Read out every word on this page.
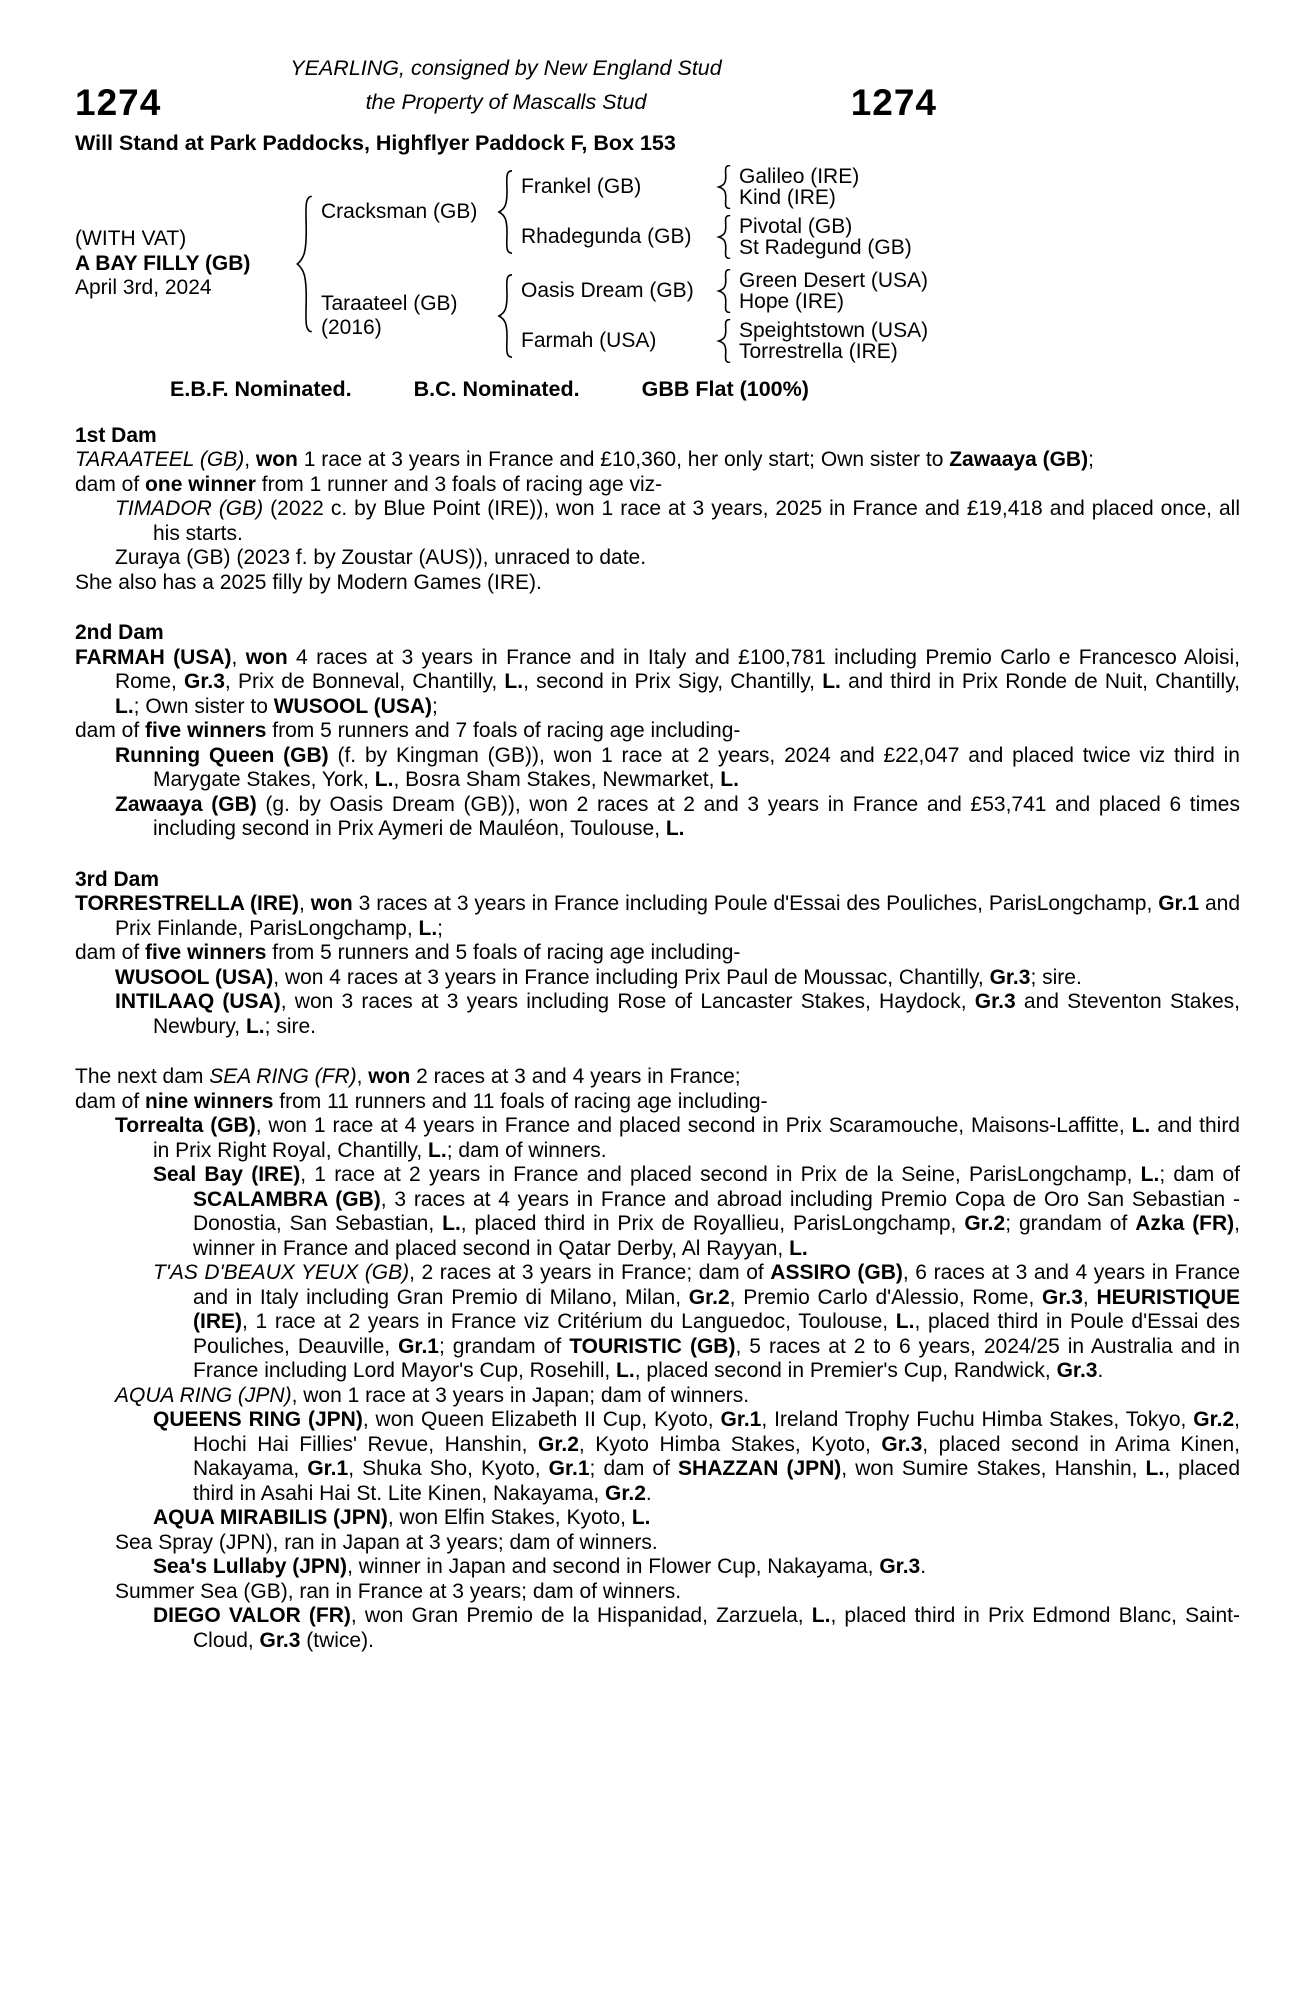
YEARLING, consigned by New England Stud
1274	the Property of Mascalls Stud	1274
Will Stand at Park Paddocks, Highflyer Paddock F, Box 153
(WITH VAT)
A BAY FILLY (GB)
April 3rd, 2024
Cracksman (GB)
Frankel (GB)	Galileo (IRE)
Kind (IRE)
Rhadegunda (GB)	Pivotal (GB)
St Radegund (GB)
Taraateel (GB)
(2016)
Oasis Dream (GB)	Green Desert (USA)
Hope (IRE)
Farmah (USA)	Speightstown (USA)
Torrestrella (IRE)
E.B.F. Nominated.	B.C. Nominated.	GBB Flat (100%)
1st Dam

TARAATEEL (GB), won 1 race at 3 years in France and £10,360, her only start; Own sister to Zawaaya (GB);

dam of one winner from 1 runner and 3 foals of racing age viz-

TIMADOR (GB) (2022 c. by Blue Point (IRE)), won 1 race at 3 years, 2025 in France and £19,418 and placed once, all his starts.

Zuraya (GB) (2023 f. by Zoustar (AUS)), unraced to date.

She also has a 2025 filly by Modern Games (IRE).

2nd Dam

FARMAH (USA), won 4 races at 3 years in France and in Italy and £100,781 including Premio Carlo e Francesco Aloisi, Rome, Gr.3, Prix de Bonneval, Chantilly, L., second in Prix Sigy, Chantilly, L. and third in Prix Ronde de Nuit, Chantilly, L.; Own sister to WUSOOL (USA);

dam of five winners from 5 runners and 7 foals of racing age including-

Running Queen (GB) (f. by Kingman (GB)), won 1 race at 2 years, 2024 and £22,047 and placed twice viz third in Marygate Stakes, York, L., Bosra Sham Stakes, Newmarket, L.

Zawaaya (GB) (g. by Oasis Dream (GB)), won 2 races at 2 and 3 years in France and £53,741 and placed 6 times including second in Prix Aymeri de Mauléon, Toulouse, L.

3rd Dam

TORRESTRELLA (IRE), won 3 races at 3 years in France including Poule d'Essai des Pouliches, ParisLongchamp, Gr.1 and Prix Finlande, ParisLongchamp, L.;

dam of five winners from 5 runners and 5 foals of racing age including-

WUSOOL (USA), won 4 races at 3 years in France including Prix Paul de Moussac, Chantilly, Gr.3; sire.

INTILAAQ (USA), won 3 races at 3 years including Rose of Lancaster Stakes, Haydock, Gr.3 and Steventon Stakes, Newbury, L.; sire.

The next dam SEA RING (FR), won 2 races at 3 and 4 years in France;

dam of nine winners from 11 runners and 11 foals of racing age including-

Torrealta (GB), won 1 race at 4 years in France and placed second in Prix Scaramouche, Maisons-Laffitte, L. and third in Prix Right Royal, Chantilly, L.; dam of winners.

Seal Bay (IRE), 1 race at 2 years in France and placed second in Prix de la Seine, ParisLongchamp, L.; dam of SCALAMBRA (GB), 3 races at 4 years in France and abroad including Premio Copa de Oro San Sebastian - Donostia, San Sebastian, L., placed third in Prix de Royallieu, ParisLongchamp, Gr.2; grandam of Azka (FR), winner in France and placed second in Qatar Derby, Al Rayyan, L.

T'AS D'BEAUX YEUX (GB), 2 races at 3 years in France; dam of ASSIRO (GB), 6 races at 3 and 4 years in France and in Italy including Gran Premio di Milano, Milan, Gr.2, Premio Carlo d'Alessio, Rome, Gr.3, HEURISTIQUE (IRE), 1 race at 2 years in France viz Critérium du Languedoc, Toulouse, L., placed third in Poule d'Essai des Pouliches, Deauville, Gr.1; grandam of TOURISTIC (GB), 5 races at 2 to 6 years, 2024/25 in Australia and in France including Lord Mayor's Cup, Rosehill, L., placed second in Premier's Cup, Randwick, Gr.3.

AQUA RING (JPN), won 1 race at 3 years in Japan; dam of winners.

QUEENS RING (JPN), won Queen Elizabeth II Cup, Kyoto, Gr.1, Ireland Trophy Fuchu Himba Stakes, Tokyo, Gr.2, Hochi Hai Fillies' Revue, Hanshin, Gr.2, Kyoto Himba Stakes, Kyoto, Gr.3, placed second in Arima Kinen, Nakayama, Gr.1, Shuka Sho, Kyoto, Gr.1; dam of SHAZZAN (JPN), won Sumire Stakes, Hanshin, L., placed third in Asahi Hai St. Lite Kinen, Nakayama, Gr.2.

AQUA MIRABILIS (JPN), won Elfin Stakes, Kyoto, L.

Sea Spray (JPN), ran in Japan at 3 years; dam of winners.

Sea's Lullaby (JPN), winner in Japan and second in Flower Cup, Nakayama, Gr.3.

Summer Sea (GB), ran in France at 3 years; dam of winners.

DIEGO VALOR (FR), won Gran Premio de la Hispanidad, Zarzuela, L., placed third in Prix Edmond Blanc, Saint-Cloud, Gr.3 (twice).
